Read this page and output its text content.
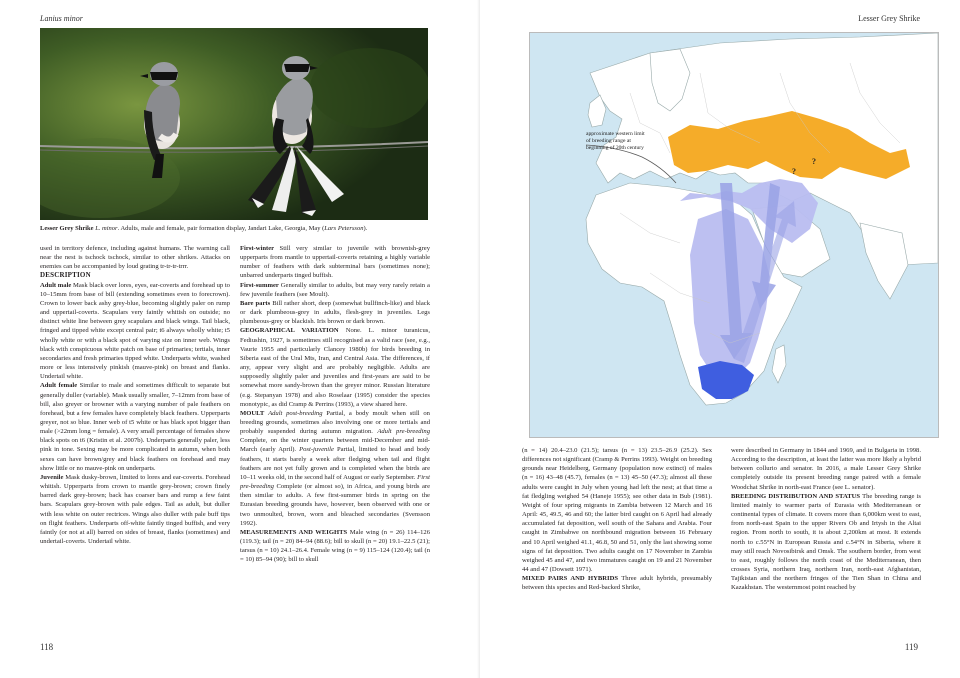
Lanius minor
Lesser Grey Shrike L. minor. Adults, male and female, pair formation display, Jandari Lake, Georgia, May (Lars Petersson).

used in territory defence, including against humans. The warning call near the nest is tschock tschock, similar to other shrikes. Attacks on enemies can be accompanied by loud grating tr-tr-tr-trrr.

DESCRIPTION

Adult male Mask black over lores, eyes, ear-coverts and forehead up to 10–15mm from base of bill (extending sometimes even to forecrown). Crown to lower back ashy grey-blue, becoming slightly paler on rump and uppertail-coverts. Scapulars very faintly whitish on outside; no distinct white line between grey scapulars and black wings. Tail black, fringed and tipped white except central pair; t6 always wholly white; t5 wholly white or with a black spot of varying size on inner web. Wings black with conspicuous white patch on base of primaries; tertials, inner secondaries and fresh primaries tipped white. Underparts white, washed more or less intensively pinkish (mauve-pink) on breast and flanks. Undertail white.

Adult female Similar to male and sometimes difficult to separate but generally duller (variable). Mask usually smaller, 7–12mm from base of bill, also greyer or browner with a varying number of pale feathers on forehead, but a few females have completely black feathers. Upperparts greyer, not so blue. Inner web of t5 white or has black spot bigger than male (>22mm long = female). A very small percentage of females show black spots on t6 (Kristin et al. 2007b). Underparts generally paler, less pink in tone. Sexing may be more complicated in autumn, when both sexes can have brown/grey and black feathers on forehead and may show little or no mauve-pink on underparts.

Juvenile Mask dusky-brown, limited to lores and ear-coverts. Forehead whitish. Upperparts from crown to mantle grey-brown; crown finely barred dark grey-brown; back has coarser bars and rump a few faint bars. Scapulars grey-brown with pale edges. Tail as adult, but duller with less white on outer rectrices. Wings also duller with pale buff tips on flight feathers. Underparts off-white faintly tinged buffish, and very faintly (or not at all) barred on sides of breast, flanks (sometimes) and undertail-coverts. Undertail white.

First-winter Still very similar to juvenile with brownish-grey upperparts from mantle to uppertail-coverts retaining a highly variable number of feathers with dark subterminal bars (sometimes none); unbarred underparts tinged buffish.

First-summer Generally similar to adults, but may very rarely retain a few juvenile feathers (see Moult).

Bare parts Bill rather short, deep (somewhat bullfinch-like) and black or dark plumbeous-grey in adults, flesh-grey in juveniles. Legs plumbeous-grey or blackish. Iris brown or dark brown.

GEOGRAPHICAL VARIATION None. L. minor turanicus, Fediushin, 1927, is sometimes still recognised as a valid race (see, e.g., Vaurie 1955 and particularly Clancey 1980b) for birds breeding in Siberia east of the Ural Mts, Iran, and Central Asia. The differences, if any, appear very slight and are probably negligible. Adults are supposedly slightly paler and juveniles and first-years are said to be somewhat more sandy-brown than the greyer minor. Russian literature (e.g. Stepanyan 1978) and also Roselaar (1995) consider the species monotypic, as did Cramp & Perrins (1993), a view shared here.

MOULT Adult post-breeding Partial, a body moult when still on breeding grounds, sometimes also involving one or more tertials and probably suspended during autumn migration. Adult pre-breeding Complete, on the winter quarters between mid-December and mid-March (early April). Post-juvenile Partial, limited to head and body feathers, it starts barely a week after fledging when tail and flight feathers are not yet fully grown and is completed when the birds are 10–11 weeks old, in the second half of August or early September. First pre-breeding Complete (or almost so), in Africa, and young birds are then similar to adults. A few first-summer birds in spring on the Eurasian breeding grounds have, however, been observed with one or two unmoulted, brown, worn and bleached secondaries (Svensson 1992).

MEASUREMENTS AND WEIGHTS Male wing (n = 26) 114–126 (119.3); tail (n = 20) 84–94 (88.6); bill to skull (n = 20) 19.1–22.5 (21); tarsus (n = 10) 24.1–26.4. Female wing (n = 9) 115–124 (120.4); tail (n = 10) 85–94 (90); bill to skull

118
Lesser Grey Shrike
approximate western limit of breeding range at beginning of 20th century
?
?

(n = 14) 20.4–23.0 (21.5); tarsus (n = 13) 23.5–26.9 (25.2). Sex differences not significant (Cramp & Perrins 1993). Weight on breeding grounds near Heidelberg, Germany (population now extinct) of males (n = 16) 43–48 (45.7), females (n = 13) 45–50 (47.3); almost all these adults were caught in July when young had left the nest; at that time a fat fledgling weighed 54 (Haneje 1955); see other data in Bub (1981). Weight of four spring migrants in Zambia between 12 March and 16 April: 45, 49.5, 46 and 60; the latter bird caught on 6 April had already accumulated fat deposition, well south of the Sahara and Arabia. Four caught in Zimbabwe on northbound migration between 16 February and 10 April weighed 41.1, 46.8, 50 and 51, only the last showing some signs of fat deposition. Two adults caught on 17 November in Zambia weighed 45 and 47, and two immatures caught on 19 and 21 November 44 and 47 (Dowsett 1971).

MIXED PAIRS AND HYBRIDS Three adult hybrids, presumably between this species and Red-backed Shrike,

were described in Germany in 1844 and 1969, and in Bulgaria in 1998. According to the description, at least the latter was more likely a hybrid between collurio and senator. In 2016, a male Lesser Grey Shrike completely outside its present breeding range paired with a female Woodchat Shrike in north-east France (see L. senator).

BREEDING DISTRIBUTION AND STATUS The breeding range is limited mainly to warmer parts of Eurasia with Mediterranean or continental types of climate. It covers more than 6,000km west to east, from north-east Spain to the upper Rivers Ob and Irtysh in the Altai region. From north to south, it is about 2,200km at most. It extends north to c.55°N in European Russia and c.54°N in Siberia, where it may still reach Novosibirsk and Omsk. The southern border, from west to east, roughly follows the north coast of the Mediterranean, then crosses Syria, northern Iraq, northern Iran, north-east Afghanistan, Tajikistan and the northern fringes of the Tien Shan in China and Kazakhstan. The westernmost point reached by

119
